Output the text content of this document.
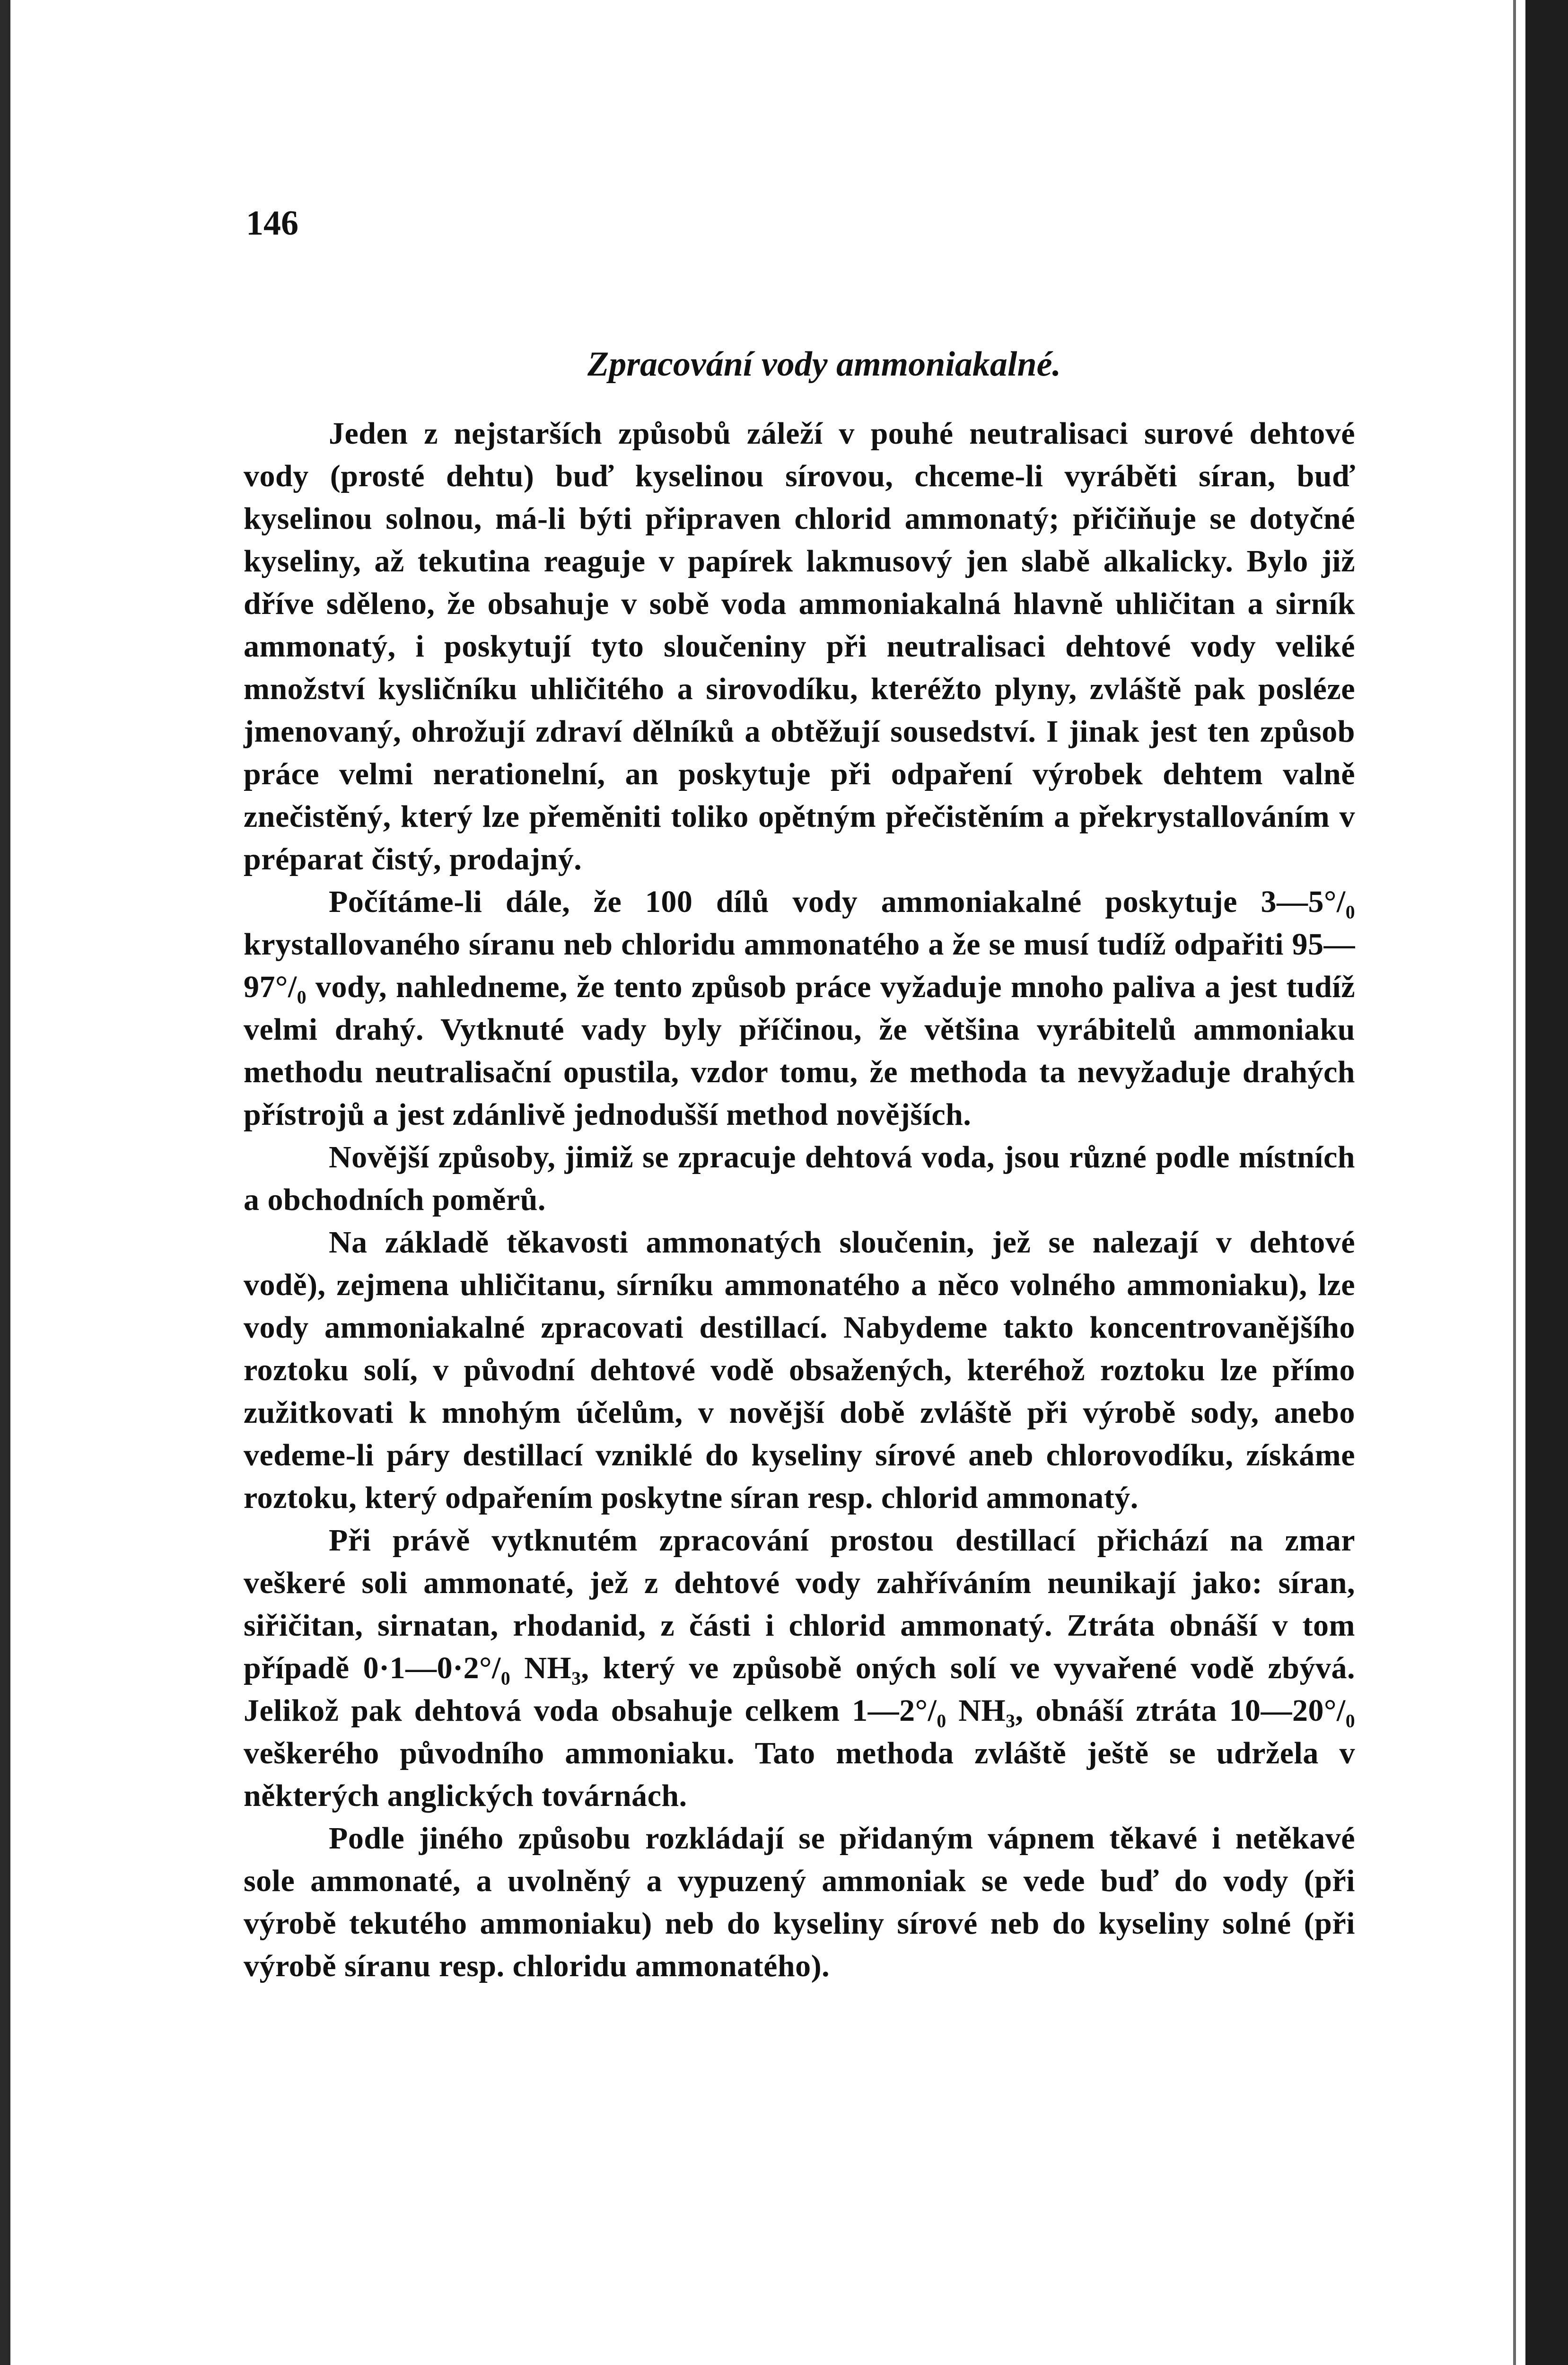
146
Zpracování vody ammoniakalné.

Jeden z nejstarších způsobů záleží v pouhé neutralisaci surové dehtové vody (prosté dehtu) buď kyselinou sírovou, chceme-li vyráběti síran, buď kyselinou solnou, má-li býti připraven chlorid ammonatý; přičiňuje se dotyčné kyseliny, až tekutina reaguje v papírek lakmusový jen slabě alkalicky. Bylo již dříve sděleno, že obsahuje v sobě voda ammoniakalná hlavně uhličitan a sirník ammonatý, i poskytují tyto sloučeniny při neutralisaci dehtové vody veliké množství kysličníku uhličitého a sirovodíku, kteréžto plyny, zvláště pak posléze jmenovaný, ohrožují zdraví dělníků a obtěžují sousedství. I jinak jest ten způsob práce velmi nerationelní, an poskytuje při odpaření výrobek dehtem valně znečistěný, který lze přeměniti toliko opětným přečistěním a překrystallováním v préparat čistý, prodajný.

Počítáme-li dále, že 100 dílů vody ammoniakalné poskytuje 3—5°/₀ krystallovaného síranu neb chloridu ammonatého a že se musí tudíž odpařiti 95—97°/₀ vody, nahledneme, že tento způsob práce vyžaduje mnoho paliva a jest tudíž velmi drahý. Vytknuté vady byly příčinou, že většina vyrábitelů ammoniaku methodu neutralisační opustila, vzdor tomu, že methoda ta nevyžaduje drahých přístrojů a jest zdánlivě jednodušší method novějších.

Novější způsoby, jimiž se zpracuje dehtová voda, jsou různé podle místních a obchodních poměrů.

Na základě těkavosti ammonatých sloučenin, jež se nalezají v dehtové vodě), zejmena uhličitanu, sírníku ammonatého a něco volného ammoniaku), lze vody ammoniakalné zpracovati destillací. Nabydeme takto koncentrovanějšího roztoku solí, v původní dehtové vodě obsažených, kteréhož roztoku lze přímo zužitkovati k mnohým účelům, v novější době zvláště při výrobě sody, anebo vedeme-li páry destillací vzniklé do kyseliny sírové aneb chlorovodíku, získáme roztoku, který odpařením poskytne síran resp. chlorid ammonatý.

Při právě vytknutém zpracování prostou destillací přichází na zmar veškeré soli ammonaté, jež z dehtové vody zahříváním neunikají jako: síran, siřičitan, sirnatan, rhodanid, z části i chlorid ammonatý. Ztráta obnáší v tom případě 0·1—0·2°/₀ NH₃, který ve způsobě oných solí ve vyvařené vodě zbývá. Jelikož pak dehtová voda obsahuje celkem 1—2°/₀ NH₃, obnáší ztráta 10—20°/₀ veškerého původního ammoniaku. Tato methoda zvláště ještě se udržela v některých anglických továrnách.

Podle jiného způsobu rozkládají se přidaným vápnem těkavé i netěkavé sole ammonaté, a uvolněný a vypuzený ammoniak se vede buď do vody (při výrobě tekutého ammoniaku) neb do kyseliny sírové neb do kyseliny solné (při výrobě síranu resp. chloridu ammonatého).
